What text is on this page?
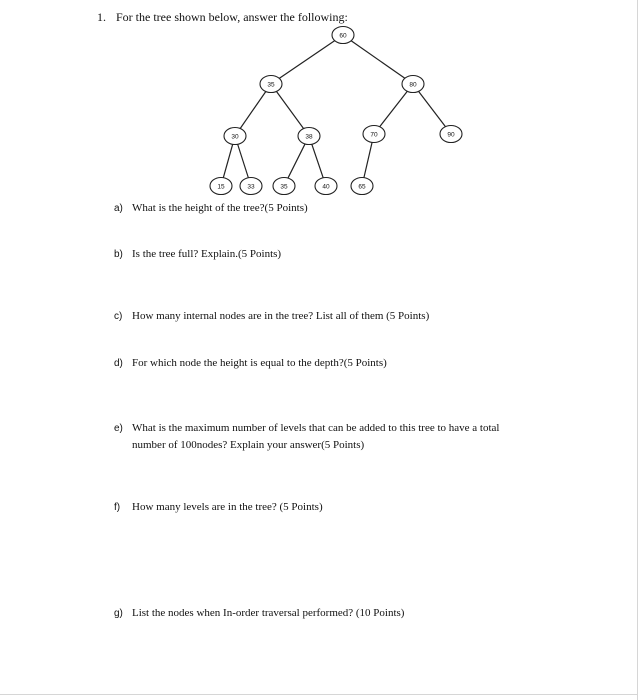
1. For the tree shown below, answer the following:
60
35	80
30	38	70	90
15	33	35	40	65
a) What is the height of the tree?(5 Points)
b) Is the tree full? Explain.(5 Points)
c) How many internal nodes are in the tree? List all of them (5 Points)
d) For which node the height is equal to the depth?(5 Points)
e) What is the maximum number of levels that can be added to this tree to have a total
number of 100nodes? Explain your answer(5 Points)
f) How many levels are in the tree? (5 Points)
g) List the nodes when In-order traversal performed? (10 Points)
